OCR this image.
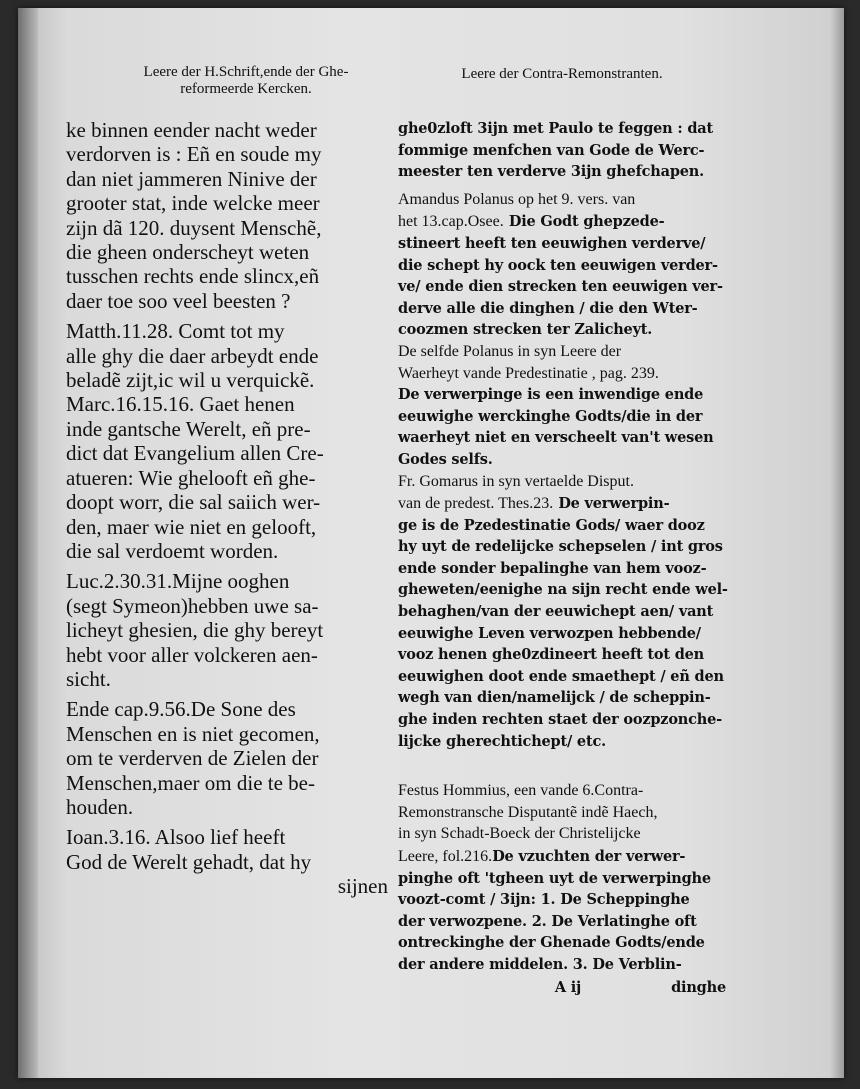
Leere der H.Schrift,ende der Ghe-
reformeerde Kercken.
Leere der Contra-Remonstranten.
ke binnen eender nacht weder
verdorven is : Eñ en soude my
dan niet jammeren Ninive der
grooter stat, inde welcke meer
zijn dã 120. duysent Menschẽ,
die gheen onderscheyt weten
tusschen rechts ende slincx,eñ
daer toe soo veel beesten ?
Matth.11.28. Comt tot my
alle ghy die daer arbeydt ende
beladẽ zijt,ic wil u verquickẽ.
Marc.16.15.16. Gaet henen
inde gantsche Werelt, eñ pre-
dict dat Evangelium allen Cre-
atueren: Wie ghelooft eñ ghe-
doopt worr, die sal saiich wer-
den, maer wie niet en gelooft,
die sal verdoemt worden.
Luc.2.30.31.Mijne ooghen
(segt Symeon)hebben uwe sa-
licheyt ghesien, die ghy bereyt
hebt voor aller volckeren aen-
sicht.
Ende cap.9.56.De Sone des
Menschen en is niet gecomen,
om te verderven de Zielen der
Menschen,maer om die te be-
houden.
Ioan.3.16. Alsoo lief heeft
God de Werelt gehadt, dat hy
sijnen
ghe0zloft 3ijn met Paulo te feggen : dat
fommige menfchen van Gode de Werc-
meester ten verderve 3ijn ghefchapen.
Amandus Polanus op het 9. vers. van
het 13.cap.Osee. Die Godt ghepzede-
stineert heeft ten eeuwighen verderve/
die schept hy oock ten eeuwigen verder-
ve/ ende dien strecken ten eeuwigen ver-
derve alle die dinghen / die den Wter-
coozmen strecken ter Zalicheyt.
De selfde Polanus in syn Leere der
Waerheyt vande Predestinatie , pag. 239.
De verwerpinge is een inwendige ende
eeuwighe werckinghe Godts/die in der
waerheyt niet en verscheelt van't wesen
Godes selfs.
Fr. Gomarus in syn vertaelde Disput.
van de predest. Thes.23. De verwerpin-
ge is de Pzedestinatie Gods/ waer dooz
hy uyt de redelijcke schepselen / int gros
ende sonder bepalinghe van hem vooz-
gheweten/eenighe na sijn recht ende wel-
behaghen/van der eeuwichept aen/ vant
eeuwighe Leven verwozpen hebbende/
vooz henen ghe0zdineert heeft tot den
eeuwighen doot ende smaethept / eñ den
wegh van dien/namelijck / de scheppin-
ghe inden rechten staet der oozpzonche-
lijcke gherechtichept/ etc.
Festus Hommius, een vande 6.Contra-
Remonstransche Disputantẽ indẽ Haech,
in syn Schadt-Boeck der Christelijcke
Leere, fol.216.De vzuchten der verwer-
pinghe oft 'tgheen uyt de verwerpinghe
voozt-comt / 3ijn: 1. De Scheppinghe
der verwozpene. 2. De Verlatinghe oft
ontreckinghe der Ghenade Godts/ende
der andere middelen. 3. De Verblin-
A ij	dinghe
